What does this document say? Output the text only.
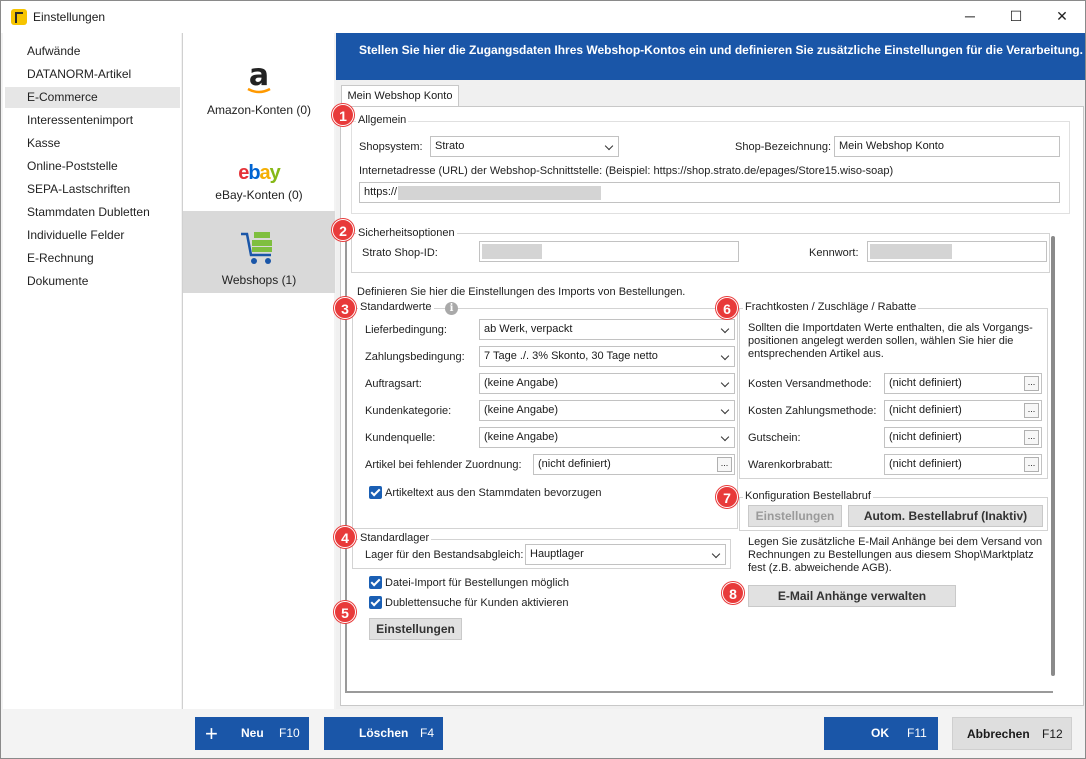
Einstellungen	─	☐	✕
Aufwände
DATANORM-Artikel
E-Commerce
Interessentenimport
Kasse
Online-Poststelle
SEPA-Lastschriften
Stammdaten Dubletten
Individuelle Felder
E-Rechnung
Dokumente
a
Amazon-Konten (0)
ebay
eBay-Konten (0)
Webshops (1)
Stellen Sie hier die Zugangsdaten Ihres Webshop-Kontos ein und definieren Sie zusätzliche Einstellungen für die Verarbeitung.
Mein Webshop Konto
Allgemein
Shopsystem:	Strato	Shop-Bezeichnung: Mein Webshop Konto
Internetadresse (URL) der Webshop-Schnittstelle: (Beispiel: https://shop.strato.de/epages/Store15.wiso-soap)
https://
Sicherheitsoptionen
Strato Shop-ID:	Kennwort:
Definieren Sie hier die Einstellungen des Imports von Bestellungen.
Standardwerte	i
Lieferbedingung:	ab Werk, verpackt
Zahlungsbedingung:	7 Tage ./. 3% Skonto, 30 Tage netto
Auftragsart:	(keine Angabe)
Kundenkategorie:	(keine Angabe)
Kundenquelle:	(keine Angabe)
Artikel bei fehlender Zuordnung:	(nicht definiert)	...
Artikeltext aus den Stammdaten bevorzugen
Standardlager
Lager für den Bestandsabgleich: Hauptlager
Datei-Import für Bestellungen möglich
Dublettensuche für Kunden aktivieren
Einstellungen
Frachtkosten / Zuschläge / Rabatte
Sollten die Importdaten Werte enthalten, die als Vorgangs-
positionen angelegt werden sollen, wählen Sie hier die
entsprechenden Artikel aus.
Kosten Versandmethode:	(nicht definiert)	...
Kosten Zahlungsmethode:	(nicht definiert)	...
Gutschein:	(nicht definiert)	...
Warenkorbrabatt:	(nicht definiert)	...
Konfiguration Bestellabruf
Einstellungen	Autom. Bestellabruf (Inaktiv)
Legen Sie zusätzliche E-Mail Anhänge bei dem Versand von
Rechnungen zu Bestellungen aus diesem Shop\Marktplatz
fest (z.B. abweichende AGB).
E-Mail Anhänge verwalten
1
2
3
4
5
6
7
8
+ Neu F10	Löschen F4	OK F11	Abbrechen F12
